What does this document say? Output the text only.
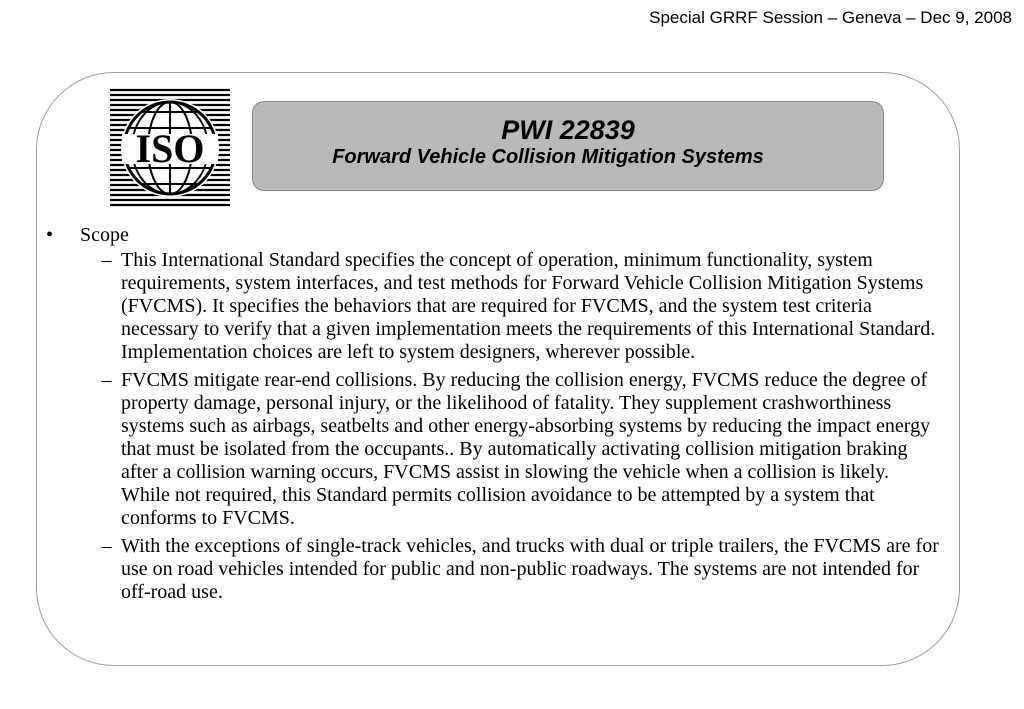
Special GRRF Session – Geneva – Dec 9, 2008
ISO	PWI 22839
Forward Vehicle Collision Mitigation Systems
•	Scope
– This International Standard specifies the concept of operation, minimum functionality, system requirements, system interfaces, and test methods for Forward Vehicle Collision Mitigation Systems (FVCMS). It specifies the behaviors that are required for FVCMS, and the system test criteria necessary to verify that a given implementation meets the requirements of this International Standard. Implementation choices are left to system designers, wherever possible.
– FVCMS mitigate rear-end collisions. By reducing the collision energy, FVCMS reduce the degree of property damage, personal injury, or the likelihood of fatality. They supplement crashworthiness systems such as airbags, seatbelts and other energy-absorbing systems by reducing the impact energy that must be isolated from the occupants.. By automatically activating collision mitigation braking after a collision warning occurs, FVCMS assist in slowing the vehicle when a collision is likely. While not required, this Standard permits collision avoidance to be attempted by a system that conforms to FVCMS.
– With the exceptions of single-track vehicles, and trucks with dual or triple trailers, the FVCMS are for use on road vehicles intended for public and non-public roadways. The systems are not intended for off-road use.
